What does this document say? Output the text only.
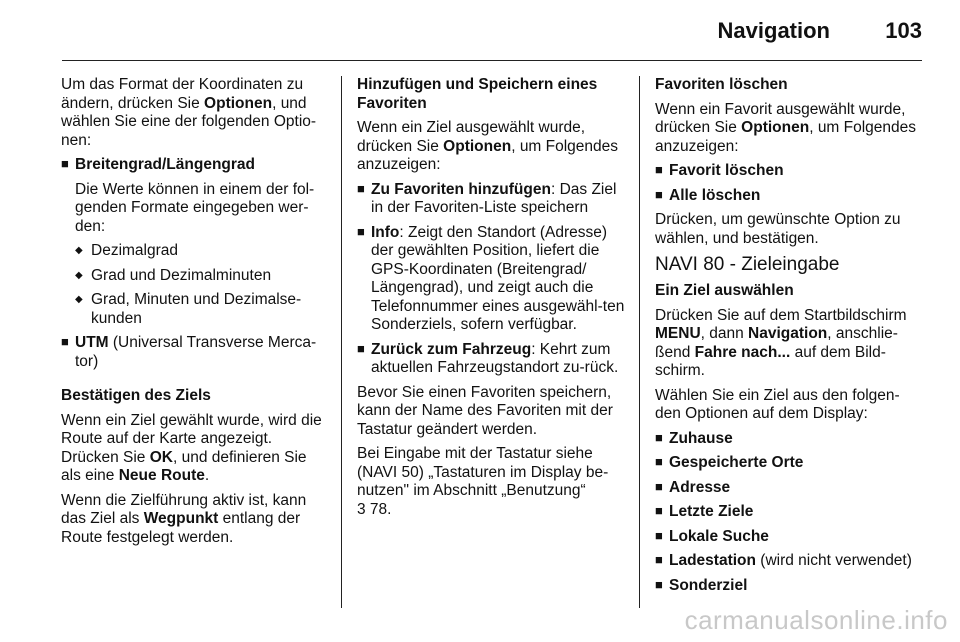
Navigation	103

Um das Format der Koordinaten zu ändern, drücken Sie Optionen, und wählen Sie eine der folgenden Optio-nen:

■ Breitengrad/Längengrad

Die Werte können in einem der fol-genden Formate eingegeben wer-den:

◆ Dezimalgrad
◆ Grad und Dezimalminuten
◆ Grad, Minuten und Dezimalse-kunden
■ UTM (Universal Transverse Merca-tor)

Bestätigen des Ziels

Wenn ein Ziel gewählt wurde, wird die Route auf der Karte angezeigt. Drücken Sie OK, und definieren Sie als eine Neue Route.

Wenn die Zielführung aktiv ist, kann das Ziel als Wegpunkt entlang der Route festgelegt werden.

Hinzufügen und Speichern eines Favoriten

Wenn ein Ziel ausgewählt wurde, drücken Sie Optionen, um Folgendes anzuzeigen:

■ Zu Favoriten hinzufügen: Das Ziel in der Favoriten-Liste speichern
■ Info: Zeigt den Standort (Adresse) der gewählten Position, liefert die GPS-Koordinaten (Breitengrad/ Längengrad), und zeigt auch die Telefonnummer eines ausgewähl-ten Sonderziels, sofern verfügbar.
■ Zurück zum Fahrzeug: Kehrt zum aktuellen Fahrzeugstandort zu-rück.

Bevor Sie einen Favoriten speichern, kann der Name des Favoriten mit der Tastatur geändert werden.

Bei Eingabe mit der Tastatur siehe (NAVI 50) „Tastaturen im Display be-nutzen" im Abschnitt „Benutzung“
3 78.

Favoriten löschen

Wenn ein Favorit ausgewählt wurde, drücken Sie Optionen, um Folgendes anzuzeigen:

■ Favorit löschen
■ Alle löschen

Drücken, um gewünschte Option zu wählen, und bestätigen.

NAVI 80 - Zieleingabe

Ein Ziel auswählen

Drücken Sie auf dem Startbildschirm MENU, dann Navigation, anschlie-ßend Fahre nach... auf dem Bild-schirm.

Wählen Sie ein Ziel aus den folgen-den Optionen auf dem Display:

■ Zuhause
■ Gespeicherte Orte
■ Adresse
■ Letzte Ziele
■ Lokale Suche
■ Ladestation (wird nicht verwendet)
■ Sonderziel
carmanualsonline.info
